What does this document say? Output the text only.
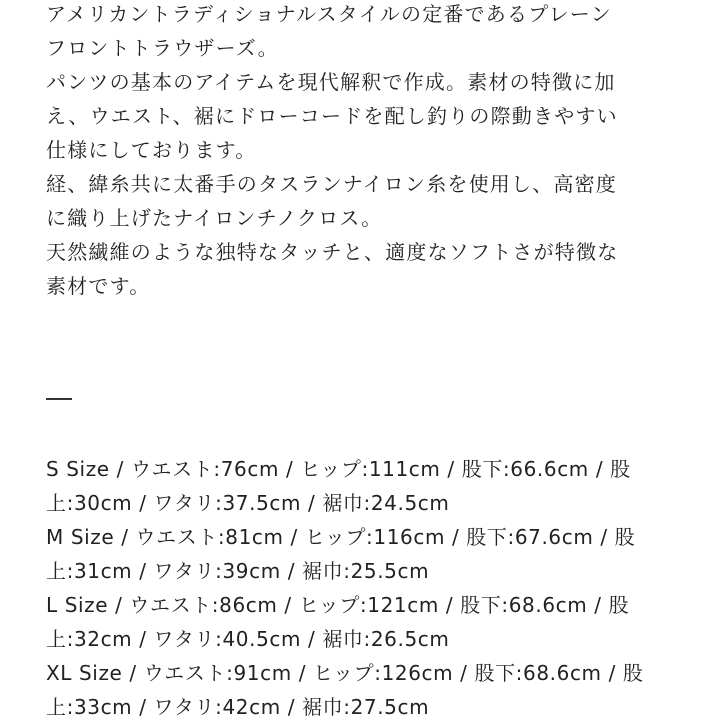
アメリカントラディショナルスタイルの定番であるプレーン
フロントトラウザーズ。
パンツの基本のアイテムを現代解釈で作成。素材の特徴に加
え、ウエスト、裾にドローコードを配し釣りの際動きやすい
仕様にしております。
経、緯糸共に太番手のタスランナイロン糸を使用し、高密度
に織り上げたナイロンチノクロス。
天然繊維のような独特なタッチと、適度なソフトさが特徴な
素材です。
S Size / ウエスト:76cm / ヒップ:111cm / 股下:66.6cm / 股
上:30cm / ワタリ:37.5cm / 裾巾:24.5cm
M Size / ウエスト:81cm / ヒップ:116cm / 股下:67.6cm / 股
上:31cm / ワタリ:39cm / 裾巾:25.5cm
L Size / ウエスト:86cm / ヒップ:121cm / 股下:68.6cm / 股
上:32cm / ワタリ:40.5cm / 裾巾:26.5cm
XL Size / ウエスト:91cm / ヒップ:126cm / 股下:68.6cm / 股
上:33cm / ワタリ:42cm / 裾巾:27.5cm
